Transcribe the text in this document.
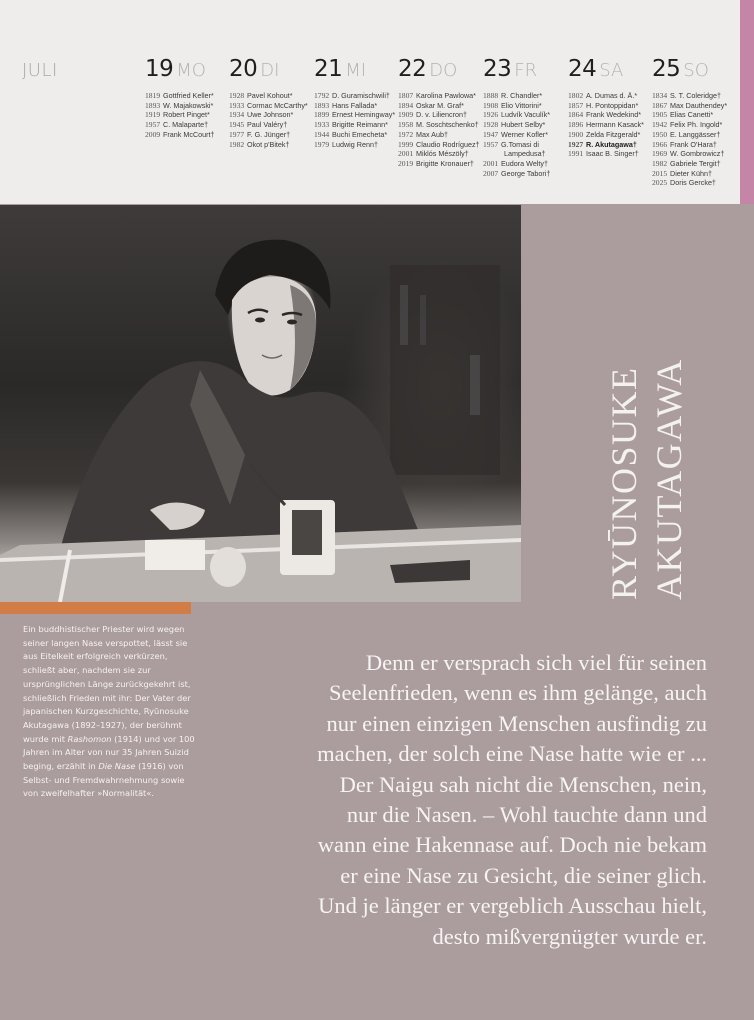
JULI	19 MO
1819 Gottfried Keller*
1893 W. Majakowski*
1919 Robert Pinget*
1957 C. Malaparte†
2009 Frank McCourt†
20 DI
1928 Pavel Kohout*
1933 Cormac McCarthy*
1934 Uwe Johnson*
1945 Paul Valéry†
1977 F. G. Jünger†
1982 Okot p'Bitek†
21 MI
1792 D. Guramischwili†
1893 Hans Fallada*
1899 Ernest Hemingway*
1933 Brigitte Reimann*
1944 Buchi Emecheta*
1979 Ludwig Renn†
22 DO
1807 Karolina Pawlowa*
1894 Oskar M. Graf*
1909 D. v. Liliencron†
1958 M. Soschtschenko†
1972 Max Aub†
1999 Claudio Rodríguez†
2001 Miklós Mészöly†
2019 Brigitte Kronauer†
23 FR
1888 R. Chandler*
1908 Elio Vittorini*
1926 Ludvík Vaculík*
1928 Hubert Selby*
1947 Werner Kofler*
1957 G.Tomasi di
Lampedusa†
2001 Eudora Welty†
2007 George Tabori†
24 SA
1802 A. Dumas d. Ä.*
1857 H. Pontoppidan*
1864 Frank Wedekind*
1896 Hermann Kasack*
1900 Zelda Fitzgerald*
1927 R. Akutagawa†
1991 Isaac B. Singer†
25 SO
1834 S. T. Coleridge†
1867 Max Dauthendey*
1905 Elias Canetti*
1942 Felix Ph. Ingold*
1950 E. Langgässer†
1966 Frank O'Hara†
1969 W. Gombrowicz†
1982 Gabriele Tergit†
2015 Dieter Kühn†
2025 Doris Gercke†
RYŪNOSUKE AKUTAGAWA

Ein buddhistischer Priester wird wegen seiner langen Nase verspottet, lässt sie aus Eitelkeit erfolgreich verkürzen, schließt aber, nachdem sie zur ursprünglichen Länge zurückgekehrt ist, schließlich Frieden mit ihr: Der Vater der japanischen Kurzgeschichte, Ryūnosuke Akutagawa (1892–1927), der berühmt wurde mit Rashomon (1914) und vor 100 Jahren im Alter von nur 35 Jahren Suizid beging, erzählt in Die Nase (1916) von Selbst- und Fremdwahrnehmung sowie von zweifelhafter »Normalität«.

Denn er versprach sich viel für seinen
Seelenfrieden, wenn es ihm gelänge, auch
nur einen einzigen Menschen ausfindig zu
machen, der solch eine Nase hatte wie er ...
Der Naigu sah nicht die Menschen, nein,
nur die Nasen. – Wohl tauchte dann und
wann eine Hakennase auf. Doch nie bekam
er eine Nase zu Gesicht, die seiner glich.
Und je länger er vergeblich Ausschau hielt,
desto mißvergnügter wurde er.
